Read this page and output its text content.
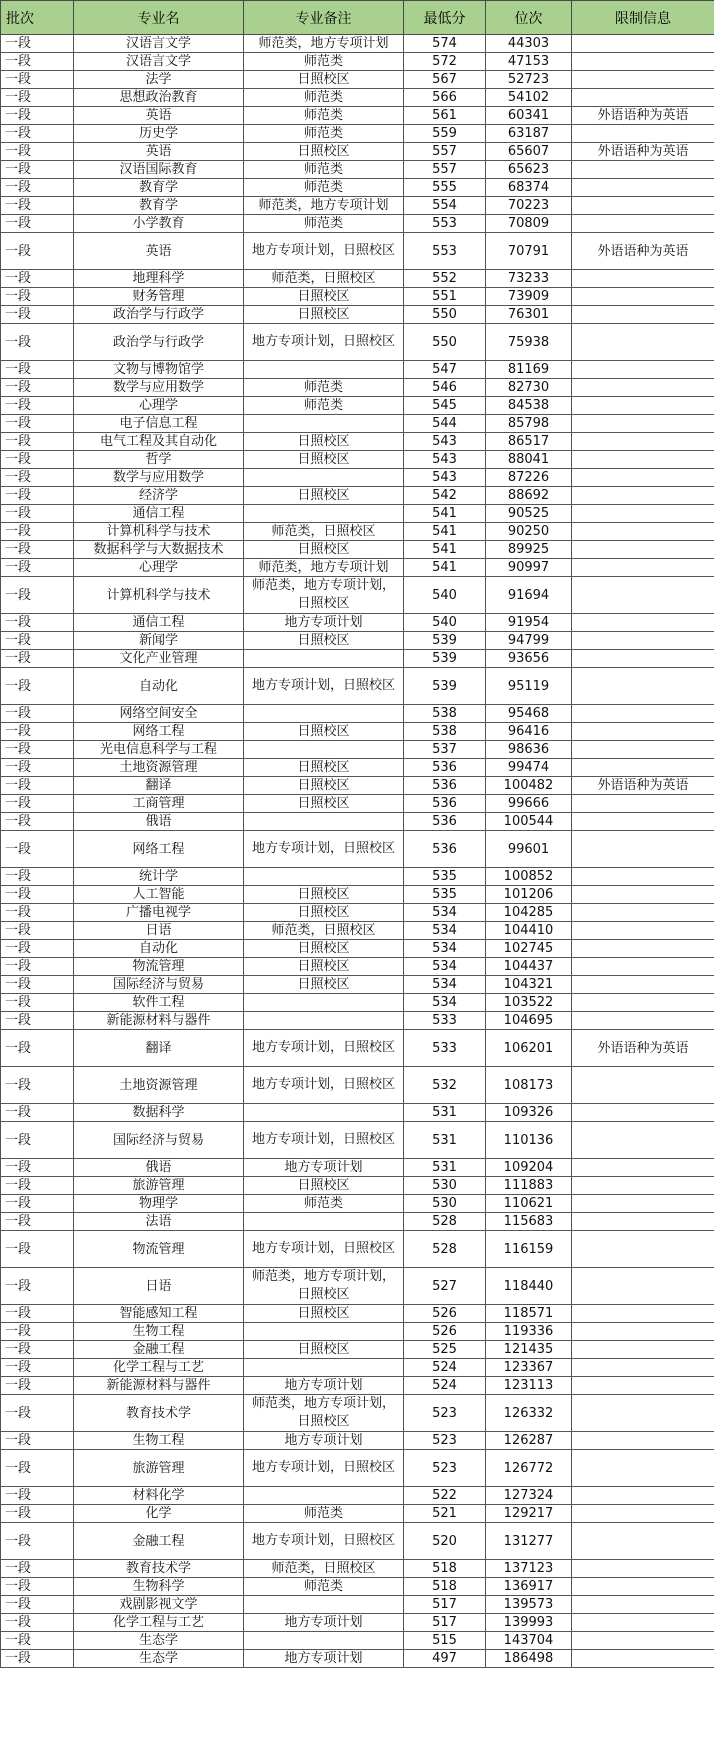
批次	专业名	专业备注	最低分	位次	限制信息
一段	汉语言文学	师范类，地方专项计划	574	44303	
一段	汉语言文学	师范类	572	47153	
一段	法学	日照校区	567	52723	
一段	思想政治教育	师范类	566	54102	
一段	英语	师范类	561	60341	外语语种为英语
一段	历史学	师范类	559	63187	
一段	英语	日照校区	557	65607	外语语种为英语
一段	汉语国际教育	师范类	557	65623	
一段	教育学	师范类	555	68374	
一段	教育学	师范类，地方专项计划	554	70223	
一段	小学教育	师范类	553	70809	
一段	英语	地方专项计划，日照校区	553	70791	外语语种为英语
一段	地理科学	师范类，日照校区	552	73233	
一段	财务管理	日照校区	551	73909	
一段	政治学与行政学	日照校区	550	76301	
一段	政治学与行政学	地方专项计划，日照校区	550	75938	
一段	文物与博物馆学		547	81169	
一段	数学与应用数学	师范类	546	82730	
一段	心理学	师范类	545	84538	
一段	电子信息工程		544	85798	
一段	电气工程及其自动化	日照校区	543	86517	
一段	哲学	日照校区	543	88041	
一段	数学与应用数学		543	87226	
一段	经济学	日照校区	542	88692	
一段	通信工程		541	90525	
一段	计算机科学与技术	师范类，日照校区	541	90250	
一段	数据科学与大数据技术	日照校区	541	89925	
一段	心理学	师范类，地方专项计划	541	90997	
一段	计算机科学与技术	师范类，地方专项计划，日照校区	540	91694	
一段	通信工程	地方专项计划	540	91954	
一段	新闻学	日照校区	539	94799	
一段	文化产业管理		539	93656	
一段	自动化	地方专项计划，日照校区	539	95119	
一段	网络空间安全		538	95468	
一段	网络工程	日照校区	538	96416	
一段	光电信息科学与工程		537	98636	
一段	土地资源管理	日照校区	536	99474	
一段	翻译	日照校区	536	100482	外语语种为英语
一段	工商管理	日照校区	536	99666	
一段	俄语		536	100544	
一段	网络工程	地方专项计划，日照校区	536	99601	
一段	统计学		535	100852	
一段	人工智能	日照校区	535	101206	
一段	广播电视学	日照校区	534	104285	
一段	日语	师范类，日照校区	534	104410	
一段	自动化	日照校区	534	102745	
一段	物流管理	日照校区	534	104437	
一段	国际经济与贸易	日照校区	534	104321	
一段	软件工程		534	103522	
一段	新能源材料与器件		533	104695	
一段	翻译	地方专项计划，日照校区	533	106201	外语语种为英语
一段	土地资源管理	地方专项计划，日照校区	532	108173	
一段	数据科学		531	109326	
一段	国际经济与贸易	地方专项计划，日照校区	531	110136	
一段	俄语	地方专项计划	531	109204	
一段	旅游管理	日照校区	530	111883	
一段	物理学	师范类	530	110621	
一段	法语		528	115683	
一段	物流管理	地方专项计划，日照校区	528	116159	
一段	日语	师范类，地方专项计划，日照校区	527	118440	
一段	智能感知工程	日照校区	526	118571	
一段	生物工程		526	119336	
一段	金融工程	日照校区	525	121435	
一段	化学工程与工艺		524	123367	
一段	新能源材料与器件	地方专项计划	524	123113	
一段	教育技术学	师范类，地方专项计划，日照校区	523	126332	
一段	生物工程	地方专项计划	523	126287	
一段	旅游管理	地方专项计划，日照校区	523	126772	
一段	材料化学		522	127324	
一段	化学	师范类	521	129217	
一段	金融工程	地方专项计划，日照校区	520	131277	
一段	教育技术学	师范类，日照校区	518	137123	
一段	生物科学	师范类	518	136917	
一段	戏剧影视文学		517	139573	
一段	化学工程与工艺	地方专项计划	517	139993	
一段	生态学		515	143704	
一段	生态学	地方专项计划	497	186498	
